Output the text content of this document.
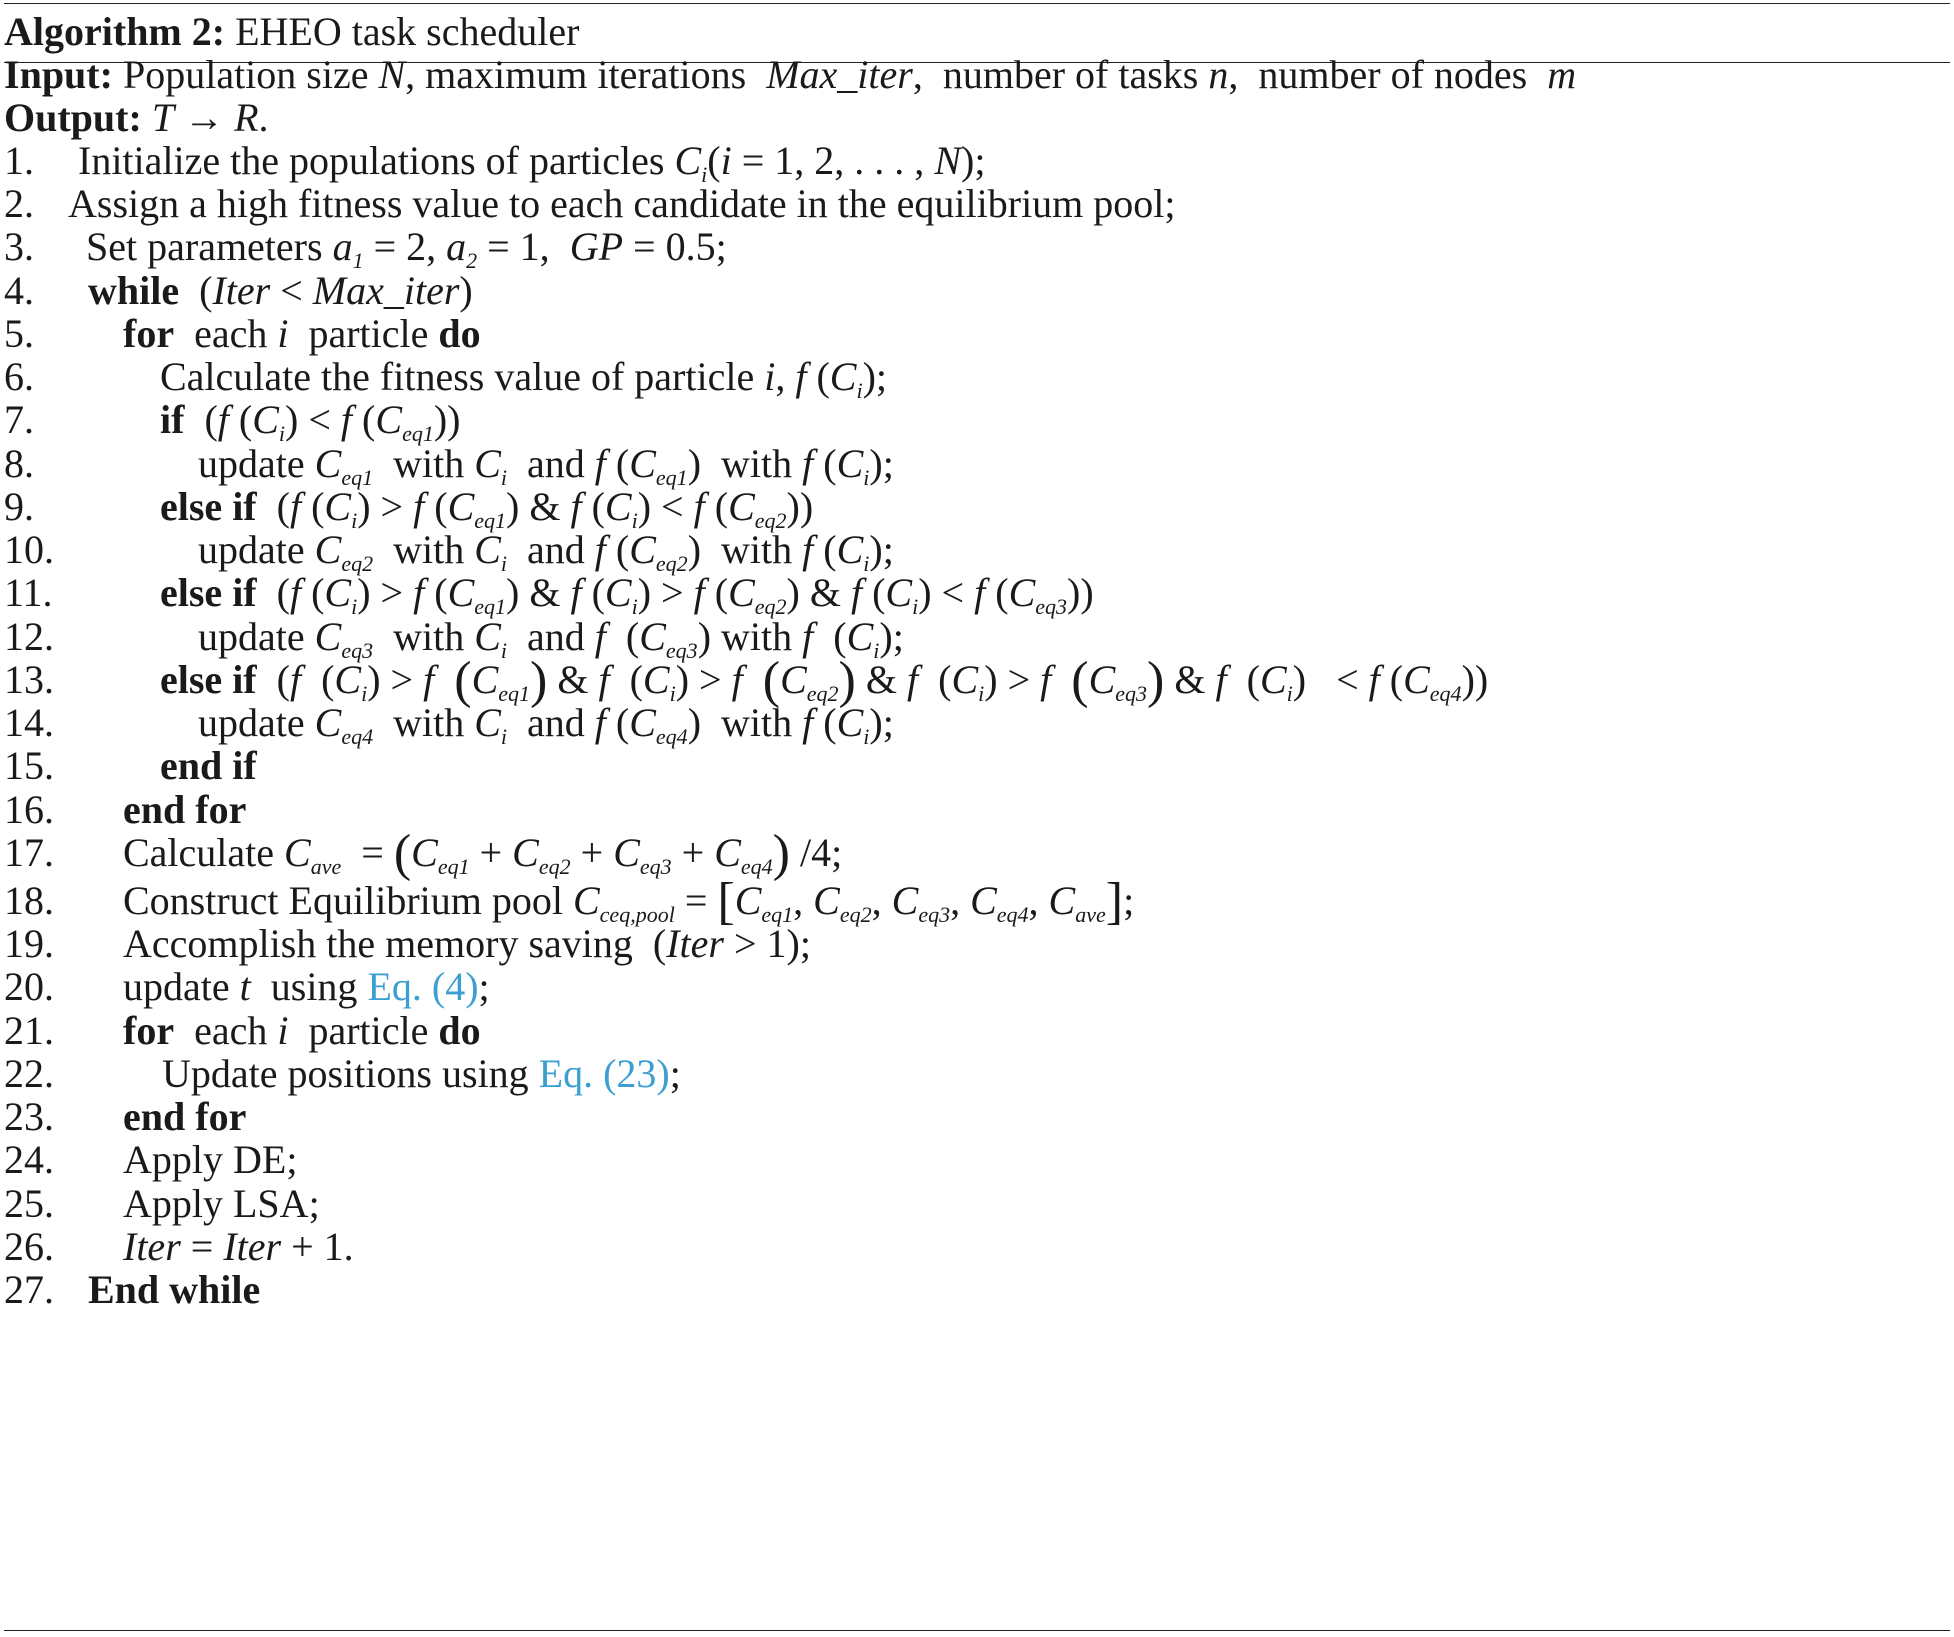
Algorithm 2: EHEO task scheduler
Input: Population size N, maximum iterations  Max_iter,  number of tasks n,  number of nodes  m
Output: T → R.
1. Initialize the populations of particles $C_i(i = 1$, 2, . . . , N);
2. Assign a high fitness value to each candidate in the equilibrium pool;
3. Set parameters $a_1 = 2$, $a_2 = 1$,  GP = 0.5;
4. while  (Iter < Max_iter)
5. for  each i  particle do
6.	Calculate the fitness value of particle i, f $(C_i)$;
7.	if  (f $(C_i) < f$ $(C_{eq1})$)
8.	update $C_{eq1}$  with $C_i$  and f $(C_{eq1})$  with f $(C_i)$;
9.	else if  (f $(C_i) > f$ $(C_{eq1})$ & f $(C_i) < f$ $(C_{eq2})$)
10.	update $C_{eq2}$  with $C_i$  and f $(C_{eq2})$  with f $(C_i)$;
11.	else if  (f $(C_i) > f$ $(C_{eq1})$ & f $(C_i) > f$ $(C_{eq2})$ & f $(C_i) < f$ $(C_{eq3})$)
12.	update $C_{eq3}$  with $C_i$  and f  $(C_{eq3})$ with f  $(C_i)$;
13.	else if  (f  $(C_i) > f$ $(C_{eq1})$ & f  $(C_i) > f$ $(C_{eq2})$ & f  $(C_i) > f$ $(C_{eq3})$ & f  $(C_i) < f$ $(C_{eq4})$)
14.	update $C_{eq4}$  with $C_i$  and f $(C_{eq4})$  with f $(C_i)$;
15.	end if
16. end for
17. Calculate $C_{ave} = (C_{eq1} + C_{eq2} + C_{eq3} + C_{eq4})$ /4;
18. Construct Equilibrium pool $C_{ceq,pool} = [C_{eq1}$, $C_{eq2}$, $C_{eq3}$, $C_{eq4}$, $C_{ave}$];
19. Accomplish the memory saving  (Iter > 1);
20. update t  using Eq. (4);
21. for  each i  particle do
22.	Update positions using Eq. (23);
23. end for
24. Apply DE;
25. Apply LSA;
26. Iter = Iter + 1.
27. End while
